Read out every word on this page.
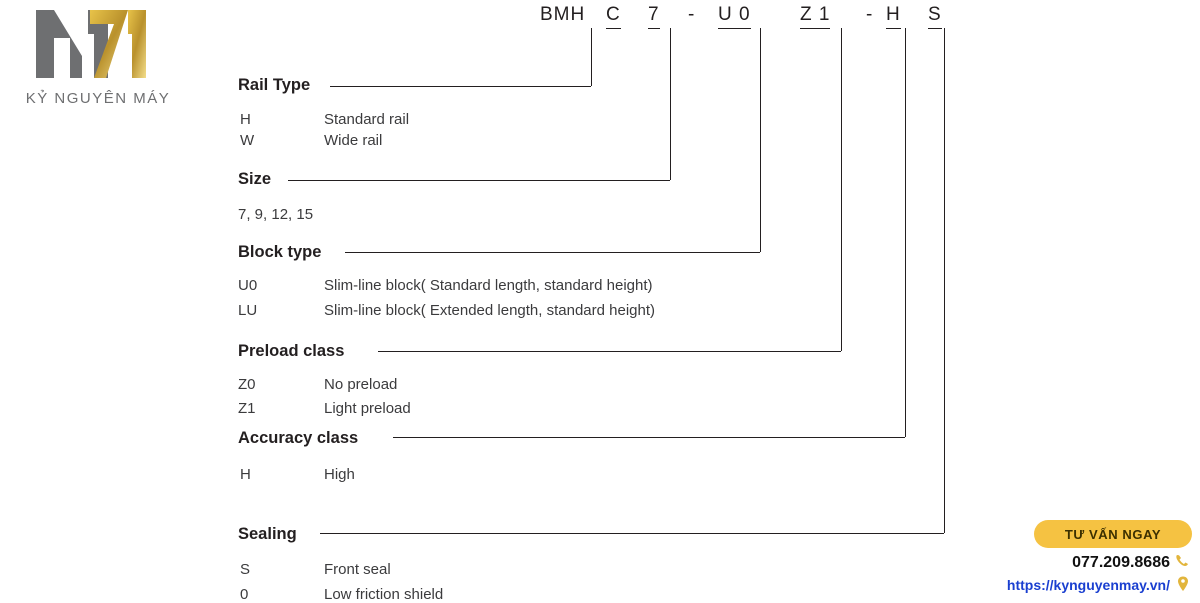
KỶ NGUYÊN MÁY
BMH C 7 - U 0	Z 1 - H S
Rail Type
H	Standard rail
W	Wide rail
Size
7, 9, 12, 15
Block type
U0	Slim-line block( Standard length, standard height)
LU	Slim-line block( Extended length, standard height)
Preload class
Z0	No preload
Z1	Light preload
Accuracy class
H	High
Sealing
S	Front seal
0	Low friction shield
TƯ VẤN NGAY
077.209.8686
https://kynguyenmay.vn/
